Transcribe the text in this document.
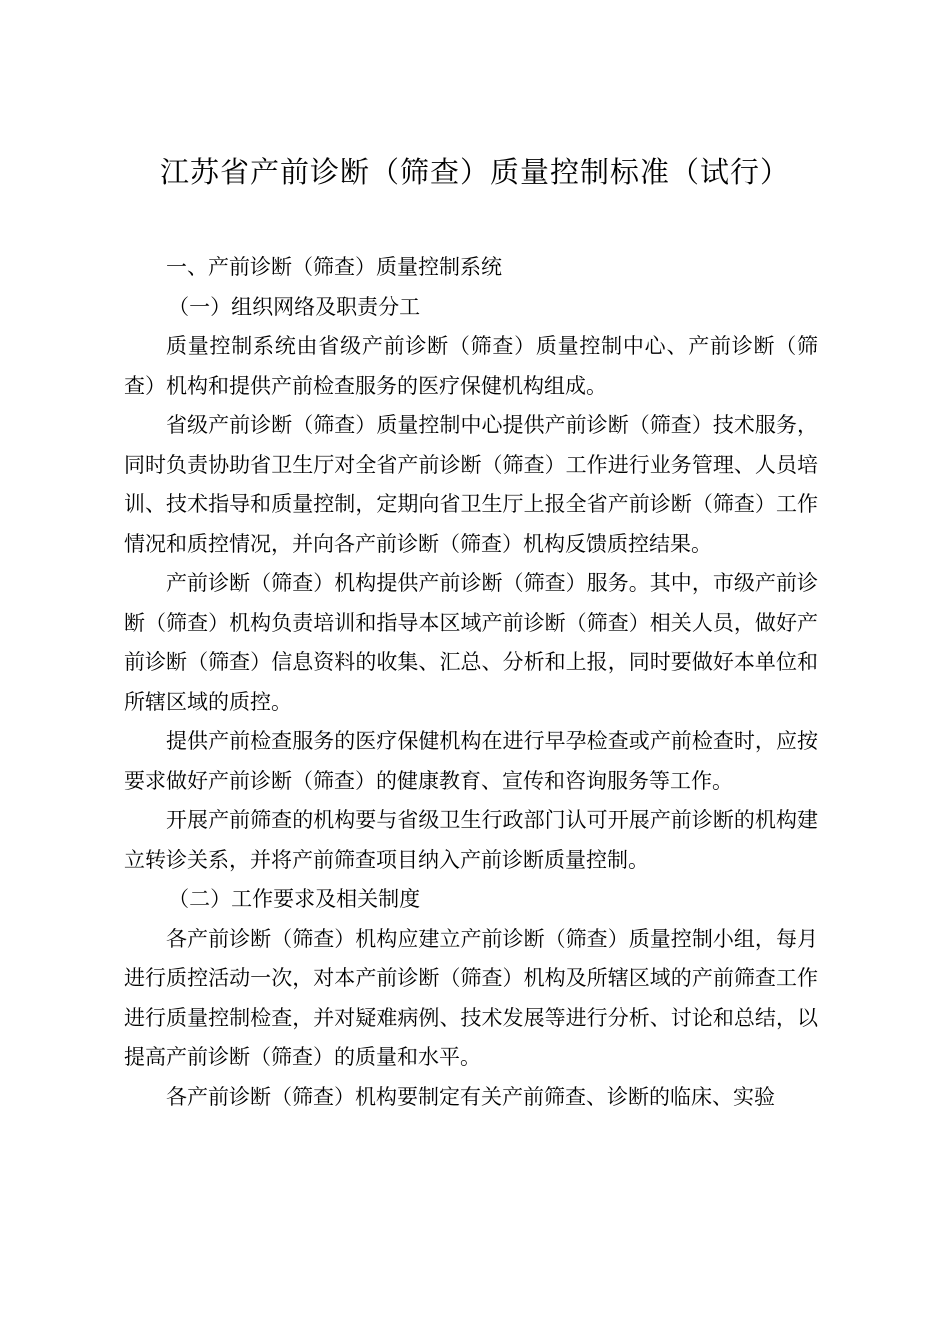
江苏省产前诊断（筛查）质量控制标准（试行）

一、产前诊断（筛查）质量控制系统

（一）组织网络及职责分工

质量控制系统由省级产前诊断（筛查）质量控制中心、产前诊断（筛查）机构和提供产前检查服务的医疗保健机构组成。

省级产前诊断（筛查）质量控制中心提供产前诊断（筛查）技术服务，同时负责协助省卫生厅对全省产前诊断（筛查）工作进行业务管理、人员培训、技术指导和质量控制，定期向省卫生厅上报全省产前诊断（筛查）工作情况和质控情况，并向各产前诊断（筛查）机构反馈质控结果。

产前诊断（筛查）机构提供产前诊断（筛查）服务。其中，市级产前诊断（筛查）机构负责培训和指导本区域产前诊断（筛查）相关人员，做好产前诊断（筛查）信息资料的收集、汇总、分析和上报，同时要做好本单位和所辖区域的质控。

提供产前检查服务的医疗保健机构在进行早孕检查或产前检查时，应按要求做好产前诊断（筛查）的健康教育、宣传和咨询服务等工作。

开展产前筛查的机构要与省级卫生行政部门认可开展产前诊断的机构建立转诊关系，并将产前筛查项目纳入产前诊断质量控制。

（二）工作要求及相关制度

各产前诊断（筛查）机构应建立产前诊断（筛查）质量控制小组，每月进行质控活动一次，对本产前诊断（筛查）机构及所辖区域的产前筛查工作进行质量控制检查，并对疑难病例、技术发展等进行分析、讨论和总结，以提高产前诊断（筛查）的质量和水平。

各产前诊断（筛查）机构要制定有关产前筛查、诊断的临床、实验
